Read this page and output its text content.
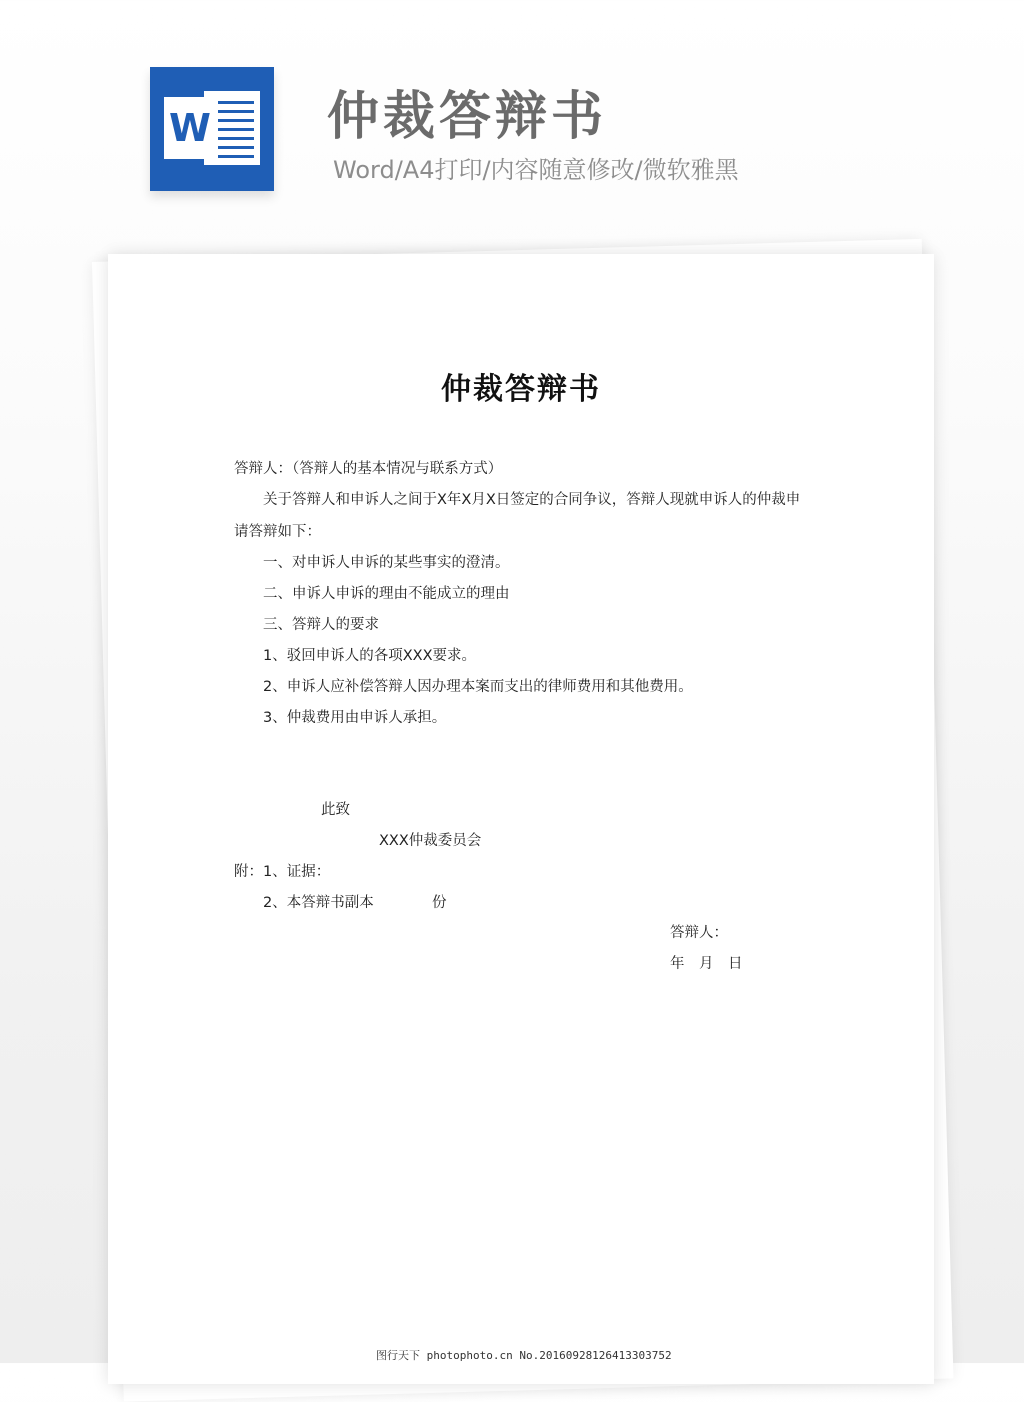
W 仲裁答辩书

Word/A4打印/内容随意修改/微软雅黑

仲裁答辩书

答辩人：（答辩人的基本情况与联系方式）

关于答辩人和申诉人之间于X年X月X日签定的合同争议，答辩人现就申诉人的仲裁申

请答辩如下：

一、对申诉人申诉的某些事实的澄清。

二、申诉人申诉的理由不能成立的理由

三、答辩人的要求

1、驳回申诉人的各项XXX要求。

2、申诉人应补偿答辩人因办理本案而支出的律师费用和其他费用。

3、仲裁费用由申诉人承担。

此致

XXX仲裁委员会

附：1、证据：

2、本答辩书副本	份

答辩人：

年　月　日

图行天下 photophoto.cn No.20160928126413303752
